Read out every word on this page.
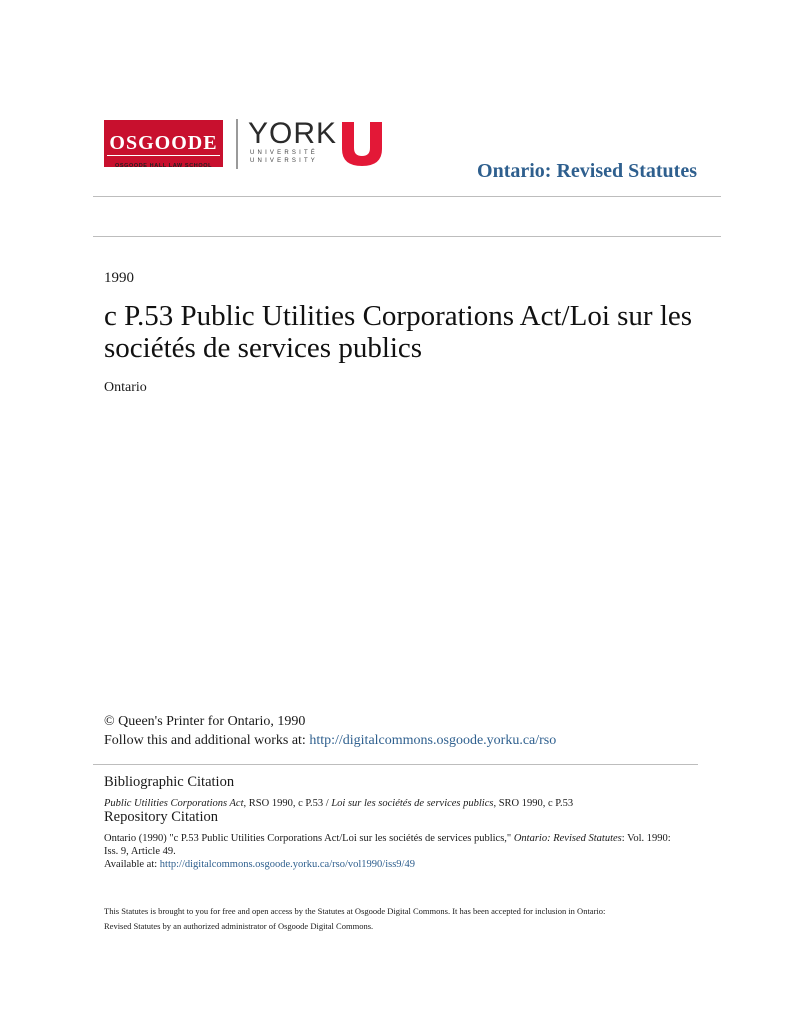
OSGOODE
OSGOODE HALL LAW SCHOOL
YORK
UNIVERSITÉ
UNIVERSITY	Ontario: Revised Statutes
1990
c P.53 Public Utilities Corporations Act/Loi sur les sociétés de services publics
Ontario
© Queen's Printer for Ontario, 1990
Follow this and additional works at: http://digitalcommons.osgoode.yorku.ca/rso
Bibliographic Citation
Public Utilities Corporations Act, RSO 1990, c P.53 / Loi sur les sociétés de services publics, SRO 1990, c P.53
Repository Citation
Ontario (1990) "c P.53 Public Utilities Corporations Act/Loi sur les sociétés de services publics," Ontario: Revised Statutes: Vol. 1990:
Iss. 9, Article 49.
Available at: http://digitalcommons.osgoode.yorku.ca/rso/vol1990/iss9/49
This Statutes is brought to you for free and open access by the Statutes at Osgoode Digital Commons. It has been accepted for inclusion in Ontario:
Revised Statutes by an authorized administrator of Osgoode Digital Commons.
